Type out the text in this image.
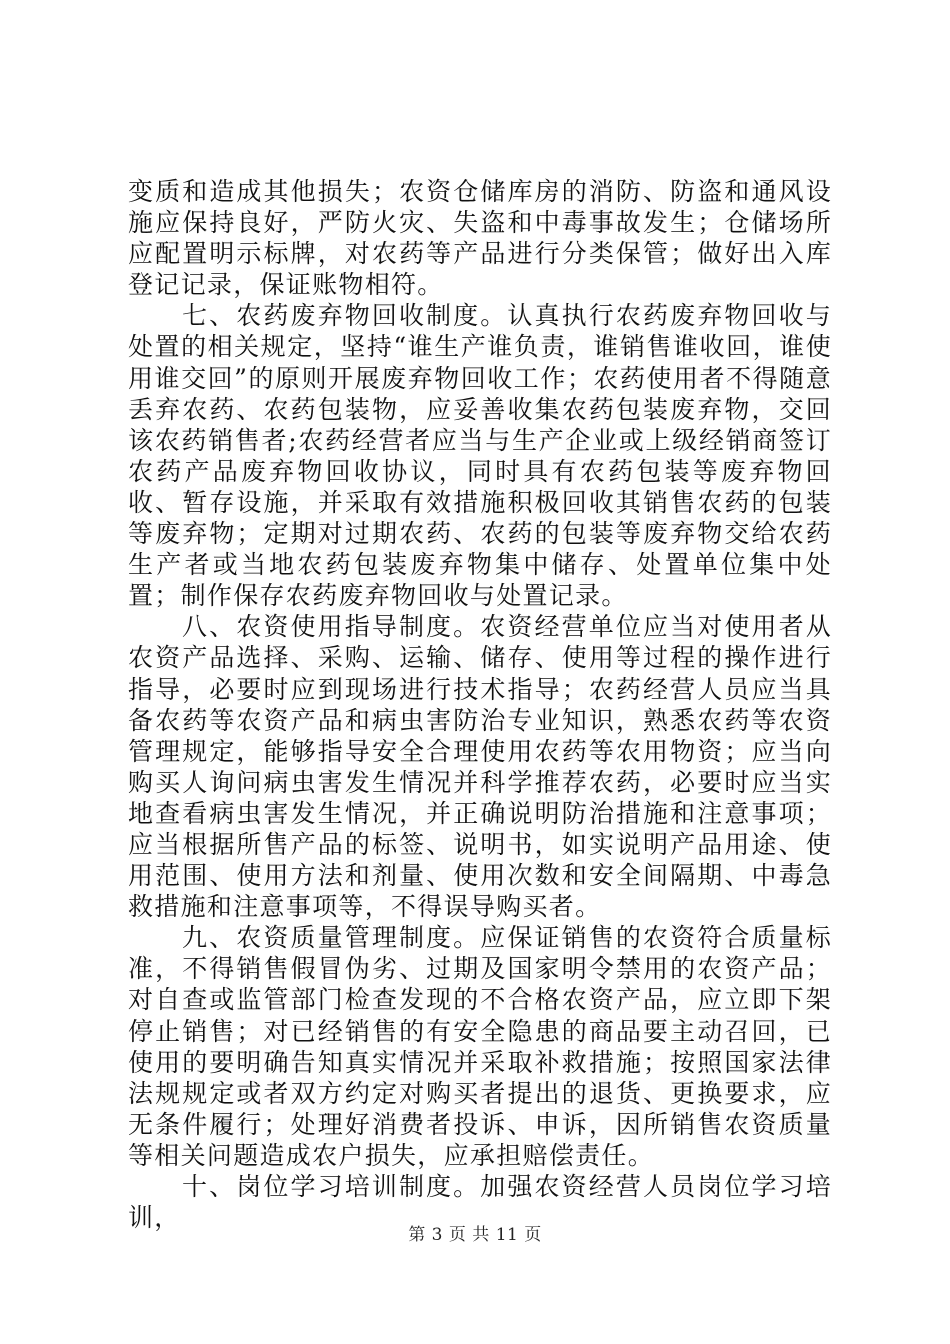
变质和造成其他损失；农资仓储库房的消防、防盗和通风设施应保持良好，严防火灾、失盗和中毒事故发生；仓储场所应配置明示标牌，对农药等产品进行分类保管；做好出入库登记记录，保证账物相符。

七、农药废弃物回收制度。认真执行农药废弃物回收与处置的相关规定，坚持“谁生产谁负责，谁销售谁收回，谁使用谁交回”的原则开展废弃物回收工作；农药使用者不得随意丢弃农药、农药包装物，应妥善收集农药包装废弃物，交回该农药销售者;农药经营者应当与生产企业或上级经销商签订农药产品废弃物回收协议，同时具有农药包装等废弃物回收、暂存设施，并采取有效措施积极回收其销售农药的包装等废弃物；定期对过期农药、农药的包装等废弃物交给农药生产者或当地农药包装废弃物集中储存、处置单位集中处置；制作保存农药废弃物回收与处置记录。

八、农资使用指导制度。农资经营单位应当对使用者从农资产品选择、采购、运输、储存、使用等过程的操作进行指导，必要时应到现场进行技术指导；农药经营人员应当具备农药等农资产品和病虫害防治专业知识，熟悉农药等农资管理规定，能够指导安全合理使用农药等农用物资；应当向购买人询问病虫害发生情况并科学推荐农药，必要时应当实地查看病虫害发生情况，并正确说明防治措施和注意事项；应当根据所售产品的标签、说明书，如实说明产品用途、使用范围、使用方法和剂量、使用次数和安全间隔期、中毒急救措施和注意事项等，不得误导购买者。

九、农资质量管理制度。应保证销售的农资符合质量标准，不得销售假冒伪劣、过期及国家明令禁用的农资产品；对自查或监管部门检查发现的不合格农资产品，应立即下架停止销售；对已经销售的有安全隐患的商品要主动召回，已使用的要明确告知真实情况并采取补救措施；按照国家法律法规规定或者双方约定对购买者提出的退货、更换要求，应无条件履行；处理好消费者投诉、申诉，因所销售农资质量等相关问题造成农户损失，应承担赔偿责任。

十、岗位学习培训制度。加强农资经营人员岗位学习培训，

第 3 页 共 11 页
